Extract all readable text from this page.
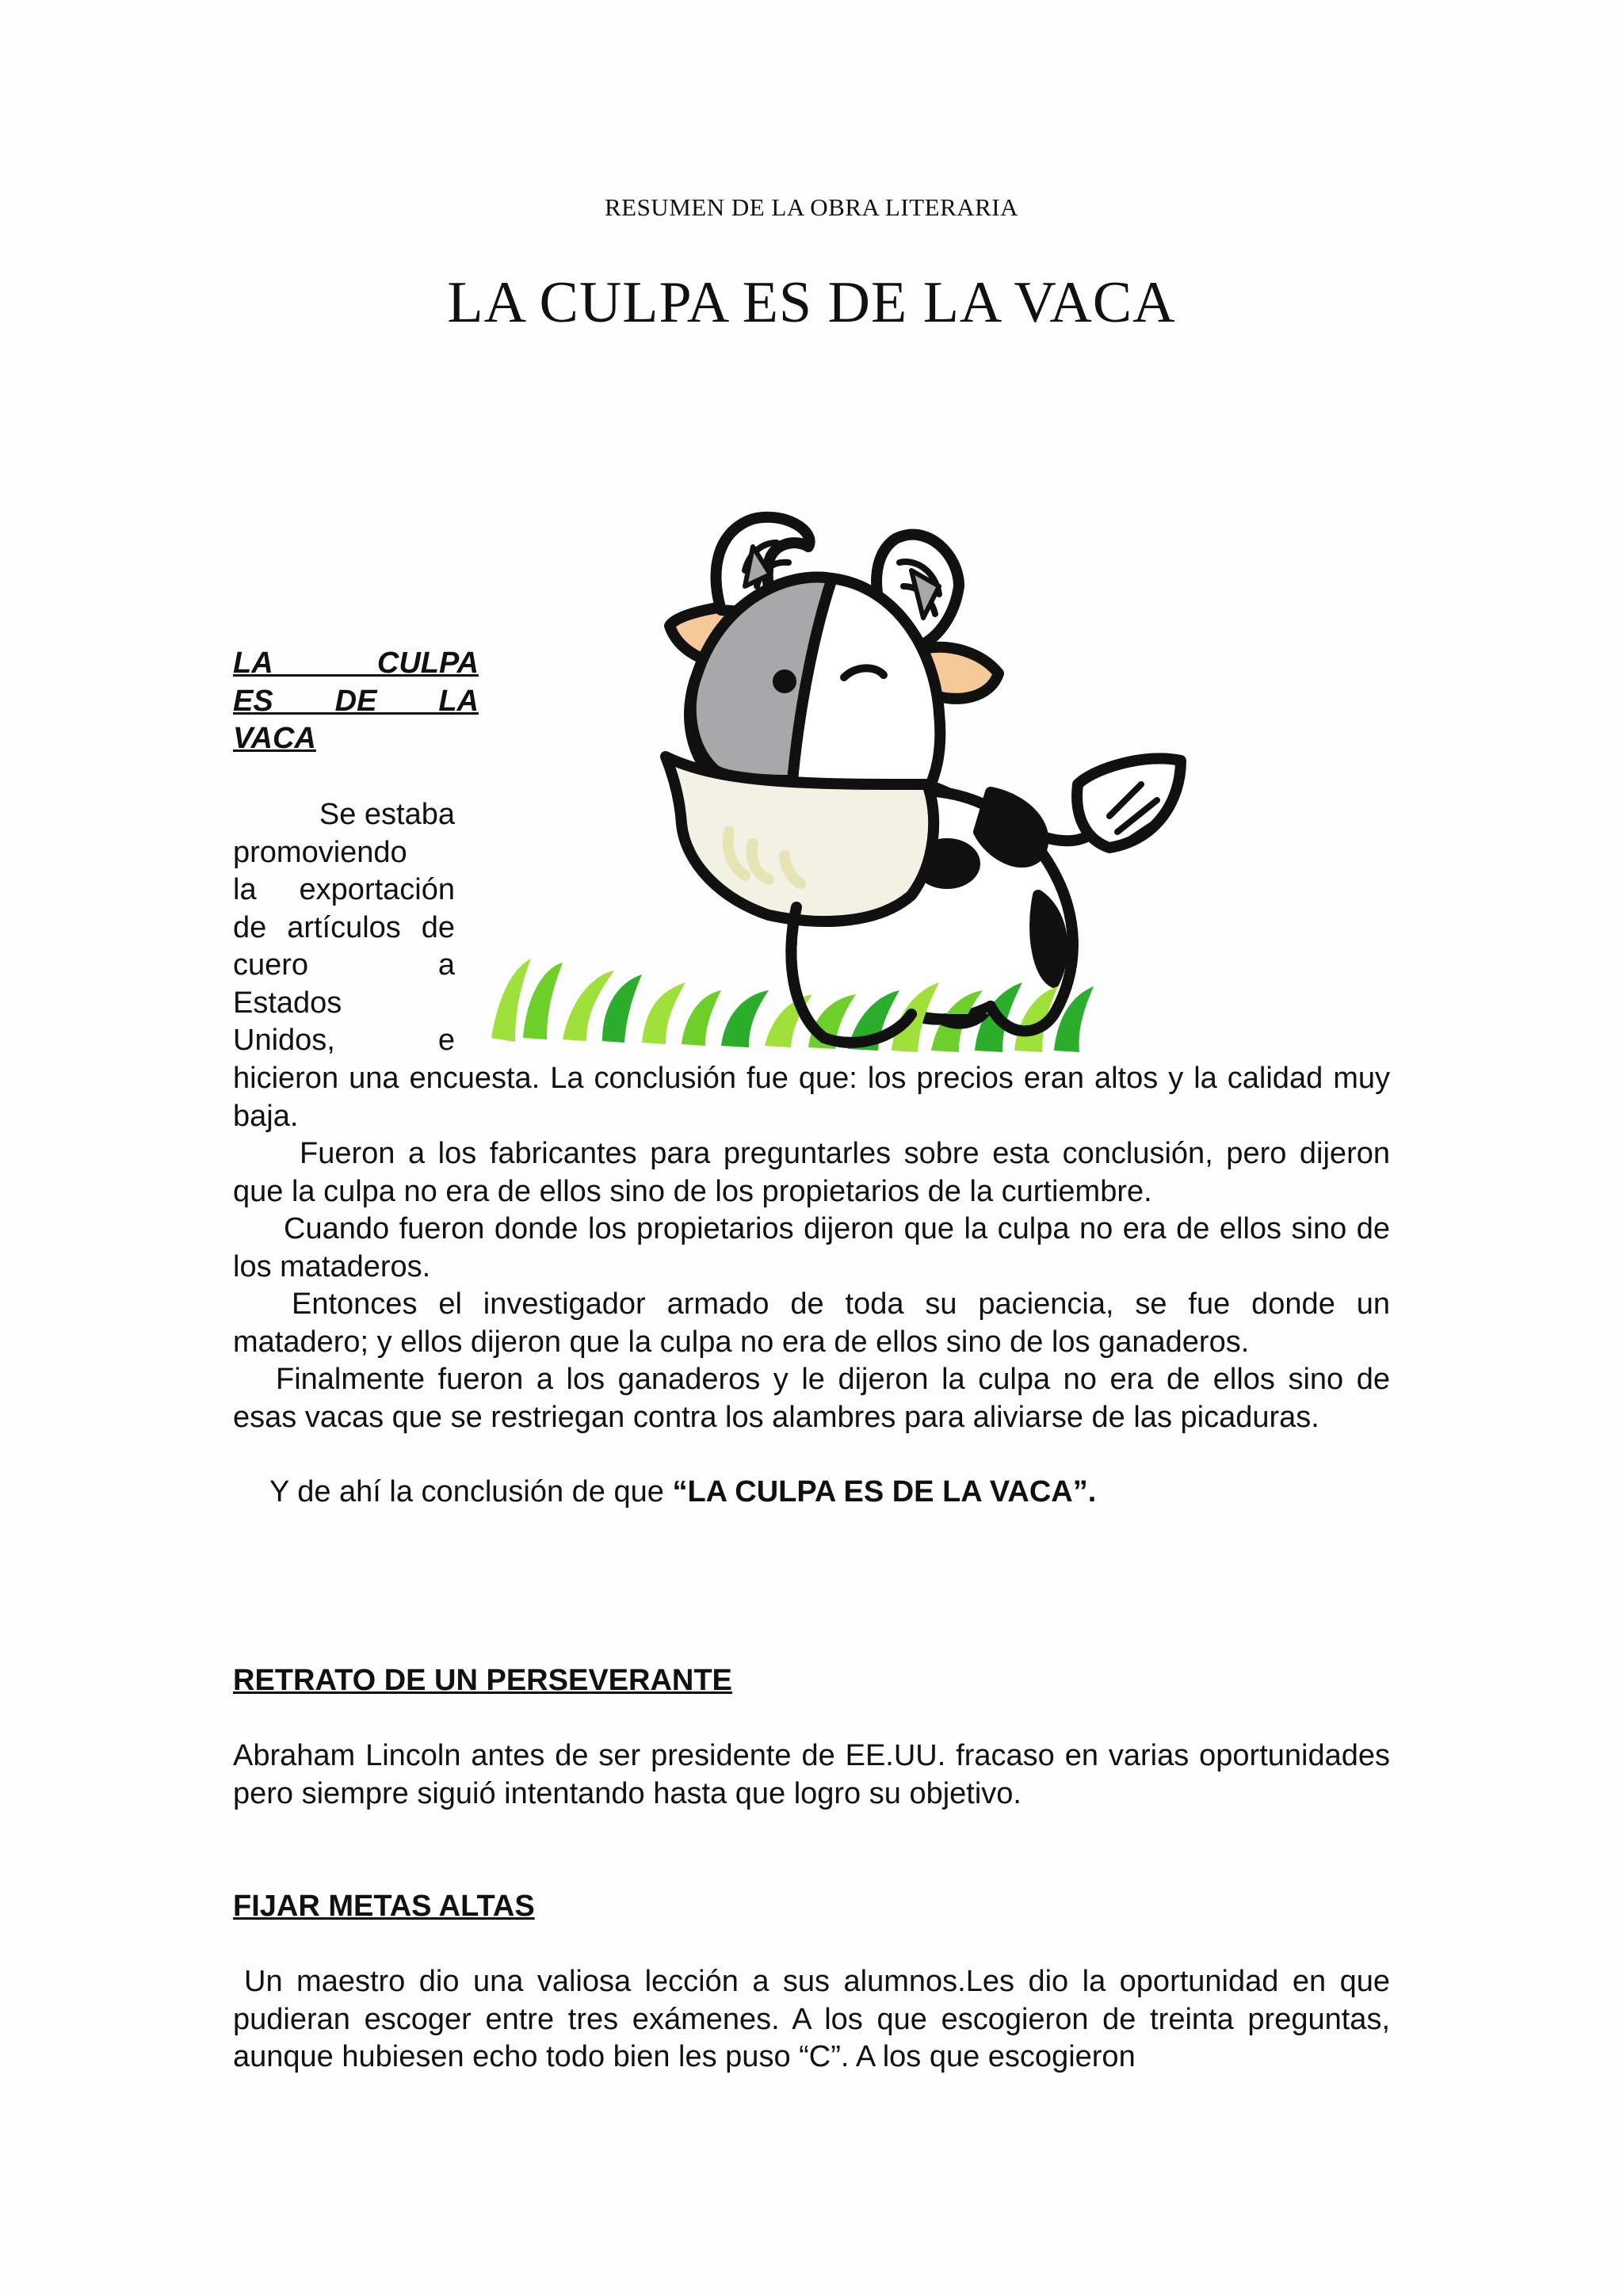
RESUMEN DE LA OBRA LITERARIA
LA CULPA ES DE LA VACA
LA CULPA
ES DE LA
VACA
Se estaba
promoviendo
la exportación
de artículos de
cuero a
Estados
Unidos, e

hicieron una encuesta. La conclusión fue que: los precios eran altos y la calidad muy baja.

Fueron a los fabricantes para preguntarles sobre esta conclusión, pero dijeron que la culpa no era de ellos sino de los propietarios de la curtiembre.

Cuando fueron donde los propietarios dijeron que la culpa no era de ellos sino de los mataderos.

Entonces el investigador armado de toda su paciencia, se fue donde un matadero; y ellos dijeron que la culpa no era de ellos sino de los ganaderos.

Finalmente fueron a los ganaderos y le dijeron la culpa no era de ellos sino de esas vacas que se restriegan contra los alambres para aliviarse de las picaduras.

Y de ahí la conclusión de que “LA CULPA ES DE LA VACA”.

RETRATO DE UN PERSEVERANTE

Abraham Lincoln antes de ser presidente de EE.UU. fracaso en varias oportunidades pero siempre siguió intentando hasta que logro su objetivo.

FIJAR METAS ALTAS

Un maestro dio una valiosa lección a sus alumnos.Les dio la oportunidad en que pudieran escoger entre tres exámenes. A los que escogieron de treinta preguntas, aunque hubiesen echo todo bien les puso “C”. A los que escogieron
